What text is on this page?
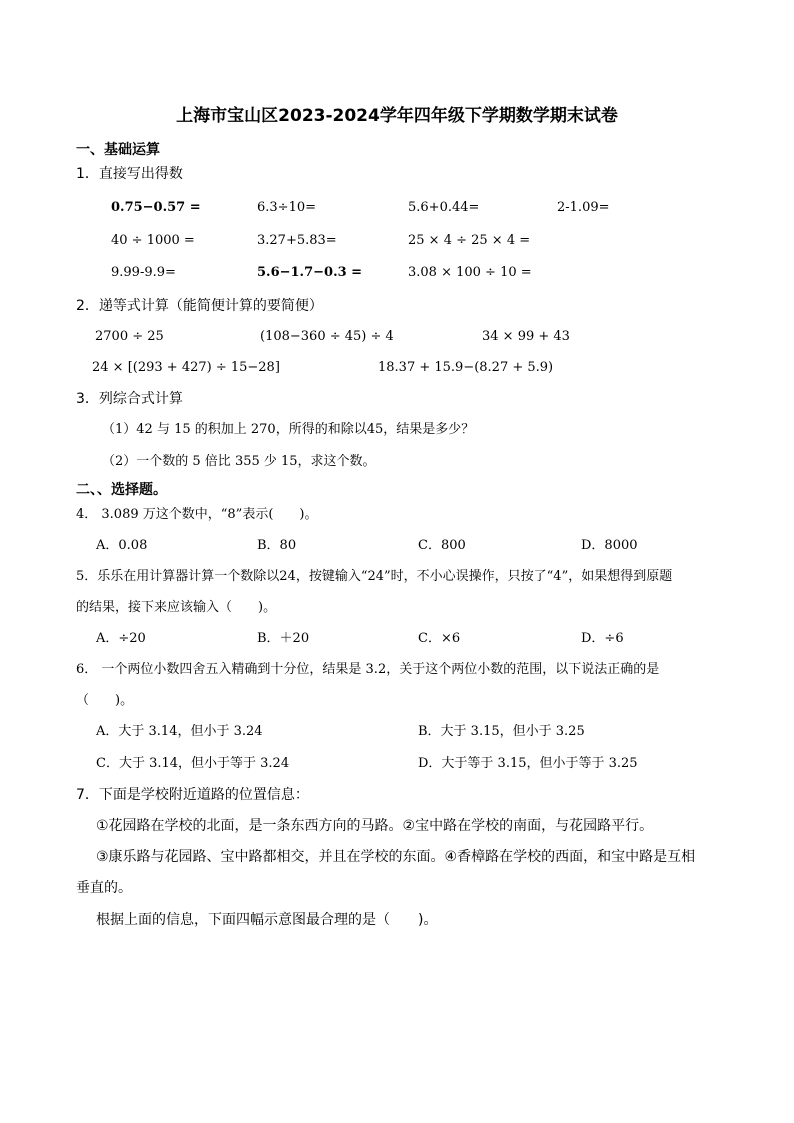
上海市宝山区2023-2024学年四年级下学期数学期末试卷
一、基础运算
1．直接写出得数
0.75−0.57 =	6.3÷10=	5.6+0.44=	2-1.09=
40 ÷ 1000 =	3.27+5.83=	25 × 4 ÷ 25 × 4 =
9.99-9.9=	5.6−1.7−0.3 =	3.08 × 100 ÷ 10 =
2．递等式计算（能简便计算的要简便）
2700 ÷ 25	(108−360 ÷ 45) ÷ 4	34 × 99 + 43
24 × [(293 + 427) ÷ 15−28]	18.37 + 15.9−(8.27 + 5.9)
3．列综合式计算
（1）42 与 15 的积加上 270，所得的和除以45，结果是多少？
（2）一个数的 5 倍比 355 少 15，求这个数。
二、、选择题。
4． 3.089 万这个数中，“8”表示(　　)。
A．0.08	B．80	C．800	D．8000
5．乐乐在用计算器计算一个数除以24，按键输入“24”时，不小心误操作，只按了“4”，如果想得到原题
的结果，接下来应该输入（　　)。
A．÷20	B．＋20	C．×6	D．÷6
6． 一个两位小数四舍五入精确到十分位，结果是 3.2，关于这个两位小数的范围，以下说法正确的是
（　　)。
A．大于 3.14，但小于 3.24	B．大于 3.15，但小于 3.25
C．大于 3.14，但小于等于 3.24	D．大于等于 3.15，但小于等于 3.25
7．下面是学校附近道路的位置信息：
①花园路在学校的北面，是一条东西方向的马路。②宝中路在学校的南面，与花园路平行。
③康乐路与花园路、宝中路都相交，并且在学校的东面。④香樟路在学校的西面，和宝中路是互相
垂直的。
根据上面的信息，下面四幅示意图最合理的是（　　)。
